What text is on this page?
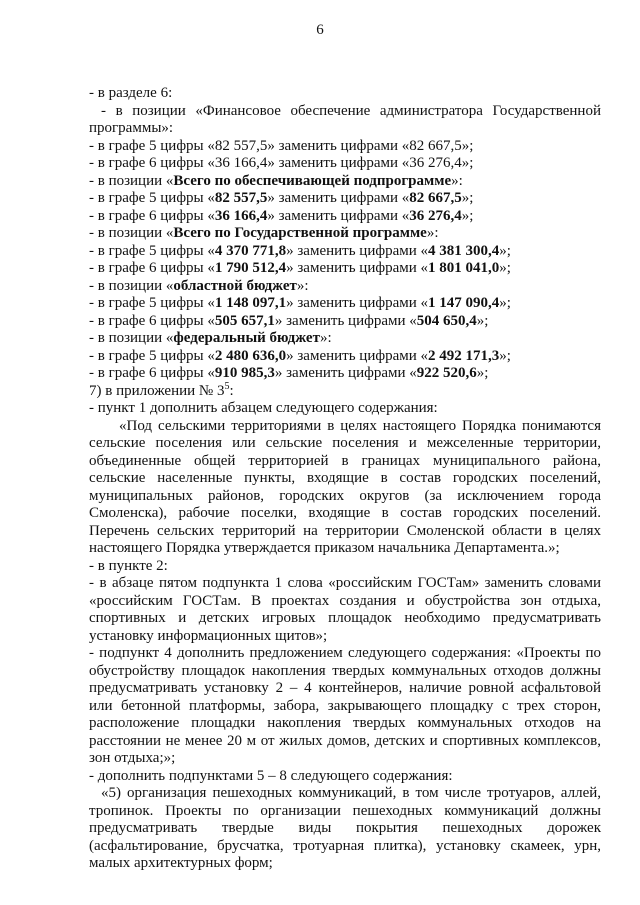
6

- в разделе 6:

- в позиции «Финансовое обеспечение администратора Государственной программы»:

- в графе 5 цифры «82 557,5» заменить цифрами «82 667,5»;

- в графе 6 цифры «36 166,4» заменить цифрами «36 276,4»;

- в позиции «Всего по обеспечивающей подпрограмме»:

- в графе 5 цифры «82 557,5» заменить цифрами «82 667,5»;

- в графе 6 цифры «36 166,4» заменить цифрами «36 276,4»;

- в позиции «Всего по Государственной программе»:

- в графе 5 цифры «4 370 771,8» заменить цифрами «4 381 300,4»;

- в графе 6 цифры «1 790 512,4» заменить цифрами «1 801 041,0»;

- в позиции «областной бюджет»:

- в графе 5 цифры «1 148 097,1» заменить цифрами «1 147 090,4»;

- в графе 6 цифры «505 657,1» заменить цифрами «504 650,4»;

- в позиции «федеральный бюджет»:

- в графе 5 цифры «2 480 636,0» заменить цифрами «2 492 171,3»;

- в графе 6 цифры «910 985,3» заменить цифрами «922 520,6»;

7) в приложении № $3^5$:

- пункт 1 дополнить абзацем следующего содержания:

«Под сельскими территориями в целях настоящего Порядка понимаются сельские поселения или сельские поселения и межселенные территории, объединенные общей территорией в границах муниципального района, сельские населенные пункты, входящие в состав городских поселений, муниципальных районов, городских округов (за исключением города Смоленска), рабочие поселки, входящие в состав городских поселений. Перечень сельских территорий на территории Смоленской области в целях настоящего Порядка утверждается приказом начальника Департамента.»;

- в пункте 2:

- в абзаце пятом подпункта 1 слова «российским ГОСТам» заменить словами «российским ГОСТам. В проектах создания и обустройства зон отдыха, спортивных и детских игровых площадок необходимо предусматривать установку информационных щитов»;

- подпункт 4 дополнить предложением следующего содержания: «Проекты по обустройству площадок накопления твердых коммунальных отходов должны предусматривать установку 2 – 4 контейнеров, наличие ровной асфальтовой или бетонной платформы, забора, закрывающего площадку с трех сторон, расположение площадки накопления твердых коммунальных отходов на расстоянии не менее 20 м от жилых домов, детских и спортивных комплексов, зон отдыха;»;

- дополнить подпунктами 5 – 8 следующего содержания:

«5) организация пешеходных коммуникаций, в том числе тротуаров, аллей, тропинок. Проекты по организации пешеходных коммуникаций должны предусматривать твердые виды покрытия пешеходных дорожек (асфальтирование, брусчатка, тротуарная плитка), установку скамеек, урн, малых архитектурных форм;
